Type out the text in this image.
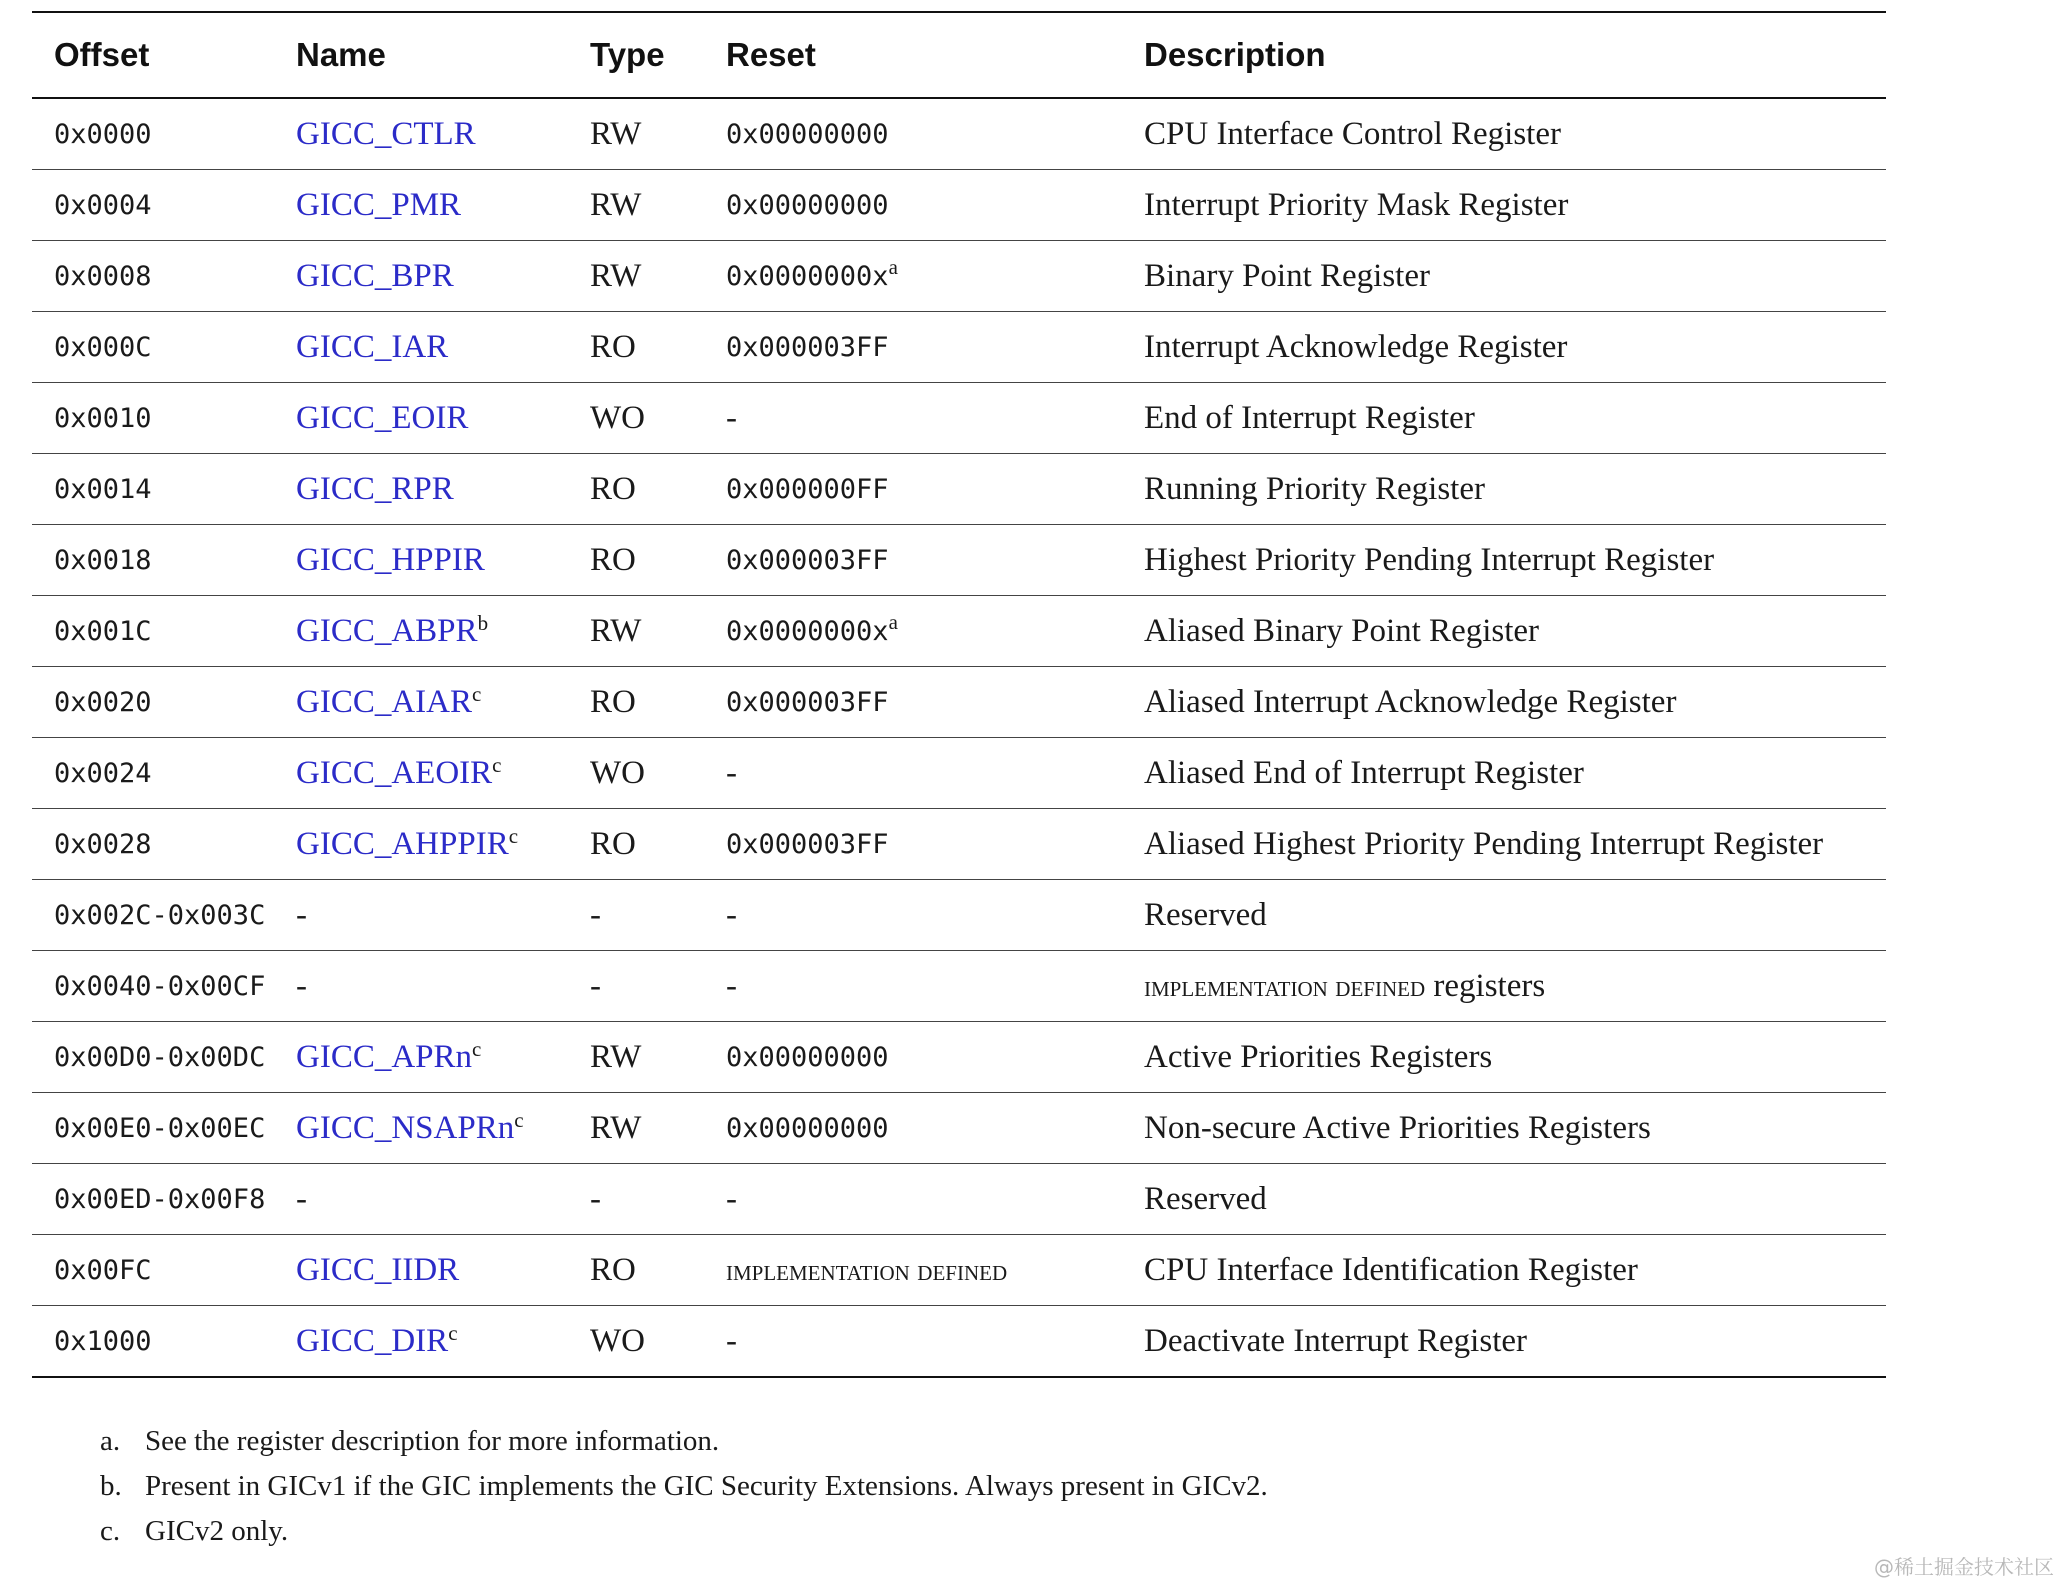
Offset	Name	Type	Reset	Description
0x0000	GICC_CTLR	RW	0x00000000	CPU Interface Control Register
0x0004	GICC_PMR	RW	0x00000000	Interrupt Priority Mask Register
0x0008	GICC_BPR	RW	$0x0000000x^a$	Binary Point Register
0x000C	GICC_IAR	RO	0x000003FF	Interrupt Acknowledge Register
0x0010	GICC_EOIR	WO	-	End of Interrupt Register
0x0014	GICC_RPR	RO	0x000000FF	Running Priority Register
0x0018	GICC_HPPIR	RO	0x000003FF	Highest Priority Pending Interrupt Register
0x001C	GICC_ABPR$^b$	RW	$0x0000000x^a$	Aliased Binary Point Register
0x0020	GICC_AIAR$^c$	RO	0x000003FF	Aliased Interrupt Acknowledge Register
0x0024	GICC_AEOIR$^c$	WO	-	Aliased End of Interrupt Register
0x0028	GICC_AHPPIR$^c$	RO	0x000003FF	Aliased Highest Priority Pending Interrupt Register
0x002C-0x003C	-	-	-	Reserved
0x0040-0x00CF	-	-	-	implementation defined registers
0x00D0-0x00DC	GICC_APRn$^c$	RW	0x00000000	Active Priorities Registers
0x00E0-0x00EC	GICC_NSAPRn$^c$	RW	0x00000000	Non-secure Active Priorities Registers
0x00ED-0x00F8	-	-	-	Reserved
0x00FC	GICC_IIDR	RO	implementation defined	CPU Interface Identification Register
0x1000	GICC_DIR$^c$	WO	-	Deactivate Interrupt Register
a. See the register description for more information.
b. Present in GICv1 if the GIC implements the GIC Security Extensions. Always present in GICv2.
c. GICv2 only.
@稀土掘金技术社区
